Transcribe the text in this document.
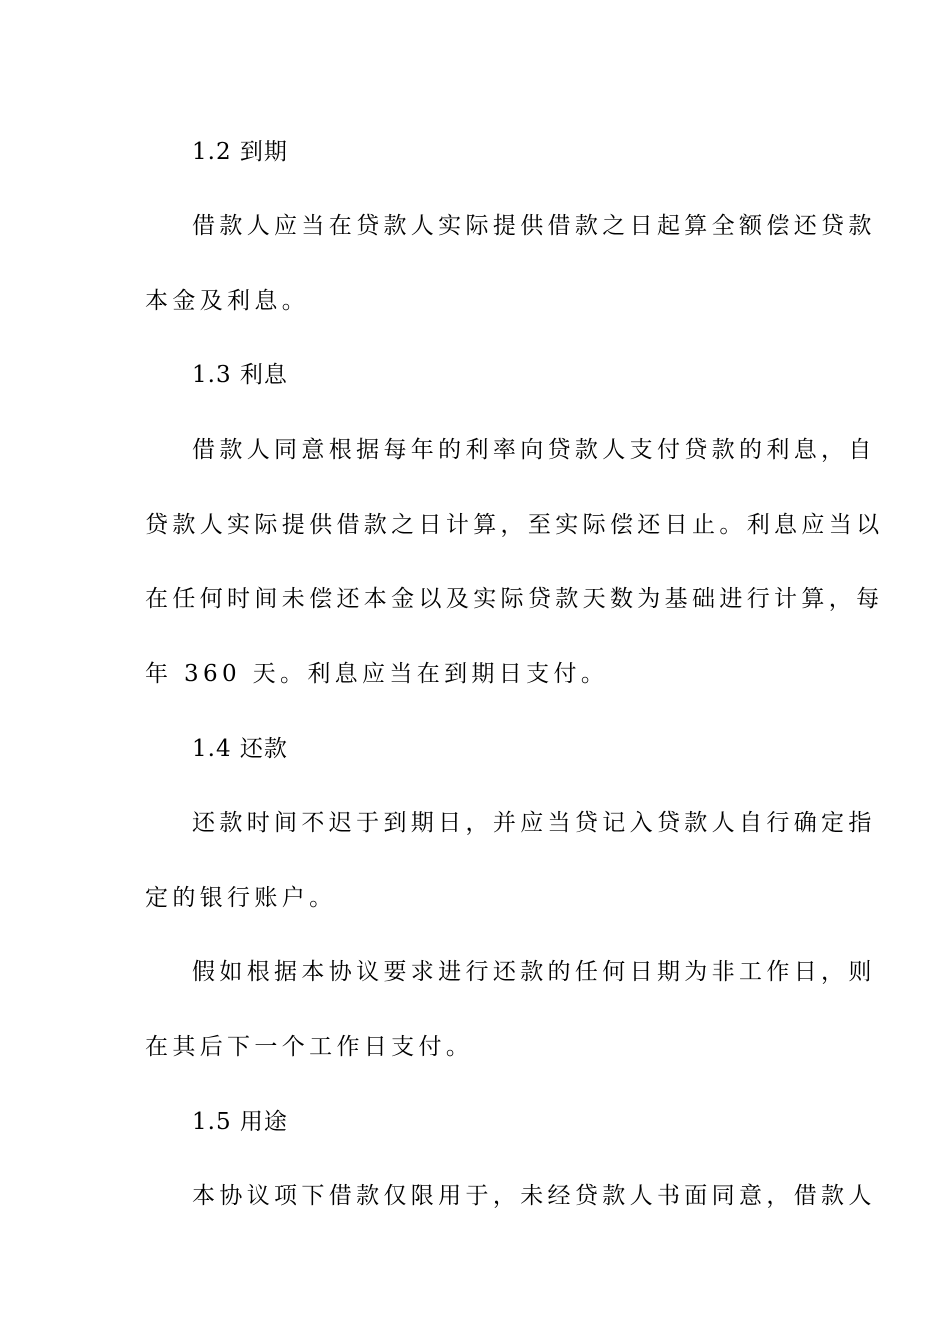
1.2 到期
借款人应当在贷款人实际提供借款之日起算全额偿还贷款
本金及利息。
1.3 利息
借款人同意根据每年的利率向贷款人支付贷款的利息，自
贷款人实际提供借款之日计算，至实际偿还日止。利息应当以
在任何时间未偿还本金以及实际贷款天数为基础进行计算，每
年 360 天。利息应当在到期日支付。
1.4 还款
还款时间不迟于到期日，并应当贷记入贷款人自行确定指
定的银行账户。
假如根据本协议要求进行还款的任何日期为非工作日，则
在其后下一个工作日支付。
1.5 用途
本协议项下借款仅限用于，未经贷款人书面同意，借款人
